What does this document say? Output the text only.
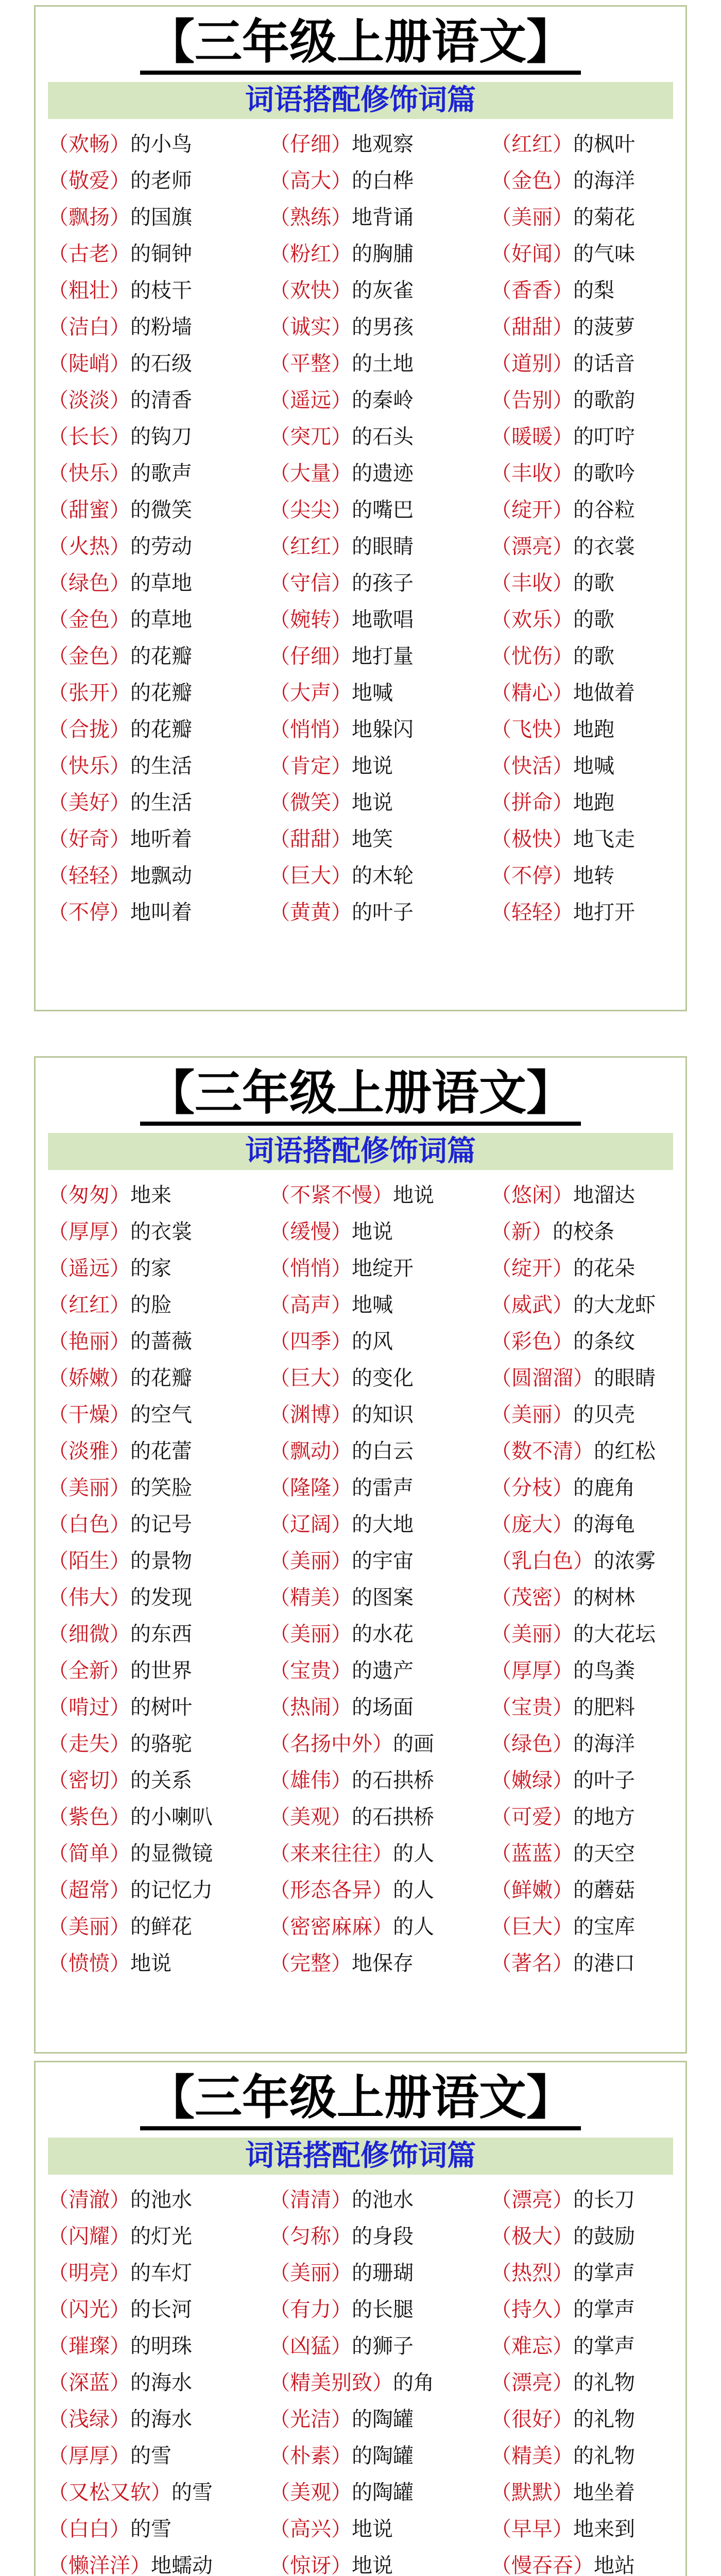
【三年级上册语文】
词语搭配修饰词篇
（欢畅）的小鸟	（仔细）地观察	（红红）的枫叶
（敬爱）的老师	（高大）的白桦	（金色）的海洋
（飘扬）的国旗	（熟练）地背诵	（美丽）的菊花
（古老）的铜钟	（粉红）的胸脯	（好闻）的气味
（粗壮）的枝干	（欢快）的灰雀	（香香）的梨
（洁白）的粉墙	（诚实）的男孩	（甜甜）的菠萝
（陡峭）的石级	（平整）的土地	（道别）的话音
（淡淡）的清香	（遥远）的秦岭	（告别）的歌韵
（长长）的钩刀	（突兀）的石头	（暖暖）的叮咛
（快乐）的歌声	（大量）的遗迹	（丰收）的歌吟
（甜蜜）的微笑	（尖尖）的嘴巴	（绽开）的谷粒
（火热）的劳动	（红红）的眼睛	（漂亮）的衣裳
（绿色）的草地	（守信）的孩子	（丰收）的歌
（金色）的草地	（婉转）地歌唱	（欢乐）的歌
（金色）的花瓣	（仔细）地打量	（忧伤）的歌
（张开）的花瓣	（大声）地喊	（精心）地做着
（合拢）的花瓣	（悄悄）地躲闪	（飞快）地跑
（快乐）的生活	（肯定）地说	（快活）地喊
（美好）的生活	（微笑）地说	（拼命）地跑
（好奇）地听着	（甜甜）地笑	（极快）地飞走
（轻轻）地飘动	（巨大）的木轮	（不停）地转
（不停）地叫着	（黄黄）的叶子	（轻轻）地打开
【三年级上册语文】
词语搭配修饰词篇
（匆匆）地来	（不紧不慢）地说	（悠闲）地溜达
（厚厚）的衣裳	（缓慢）地说	（新）的校条
（遥远）的家	（悄悄）地绽开	（绽开）的花朵
（红红）的脸	（高声）地喊	（威武）的大龙虾
（艳丽）的蔷薇	（四季）的风	（彩色）的条纹
（娇嫩）的花瓣	（巨大）的变化	（圆溜溜）的眼睛
（干燥）的空气	（渊博）的知识	（美丽）的贝壳
（淡雅）的花蕾	（飘动）的白云	（数不清）的红松
（美丽）的笑脸	（隆隆）的雷声	（分枝）的鹿角
（白色）的记号	（辽阔）的大地	（庞大）的海龟
（陌生）的景物	（美丽）的宇宙	（乳白色）的浓雾
（伟大）的发现	（精美）的图案	（茂密）的树林
（细微）的东西	（美丽）的水花	（美丽）的大花坛
（全新）的世界	（宝贵）的遗产	（厚厚）的鸟粪
（啃过）的树叶	（热闹）的场面	（宝贵）的肥料
（走失）的骆驼	（名扬中外）的画	（绿色）的海洋
（密切）的关系	（雄伟）的石拱桥	（嫩绿）的叶子
（紫色）的小喇叭	（美观）的石拱桥	（可爱）的地方
（简单）的显微镜	（来来往往）的人	（蓝蓝）的天空
（超常）的记忆力	（形态各异）的人	（鲜嫩）的蘑菇
（美丽）的鲜花	（密密麻麻）的人	（巨大）的宝库
（愤愤）地说	（完整）地保存	（著名）的港口
【三年级上册语文】
词语搭配修饰词篇
（清澈）的池水	（清清）的池水	（漂亮）的长刀
（闪耀）的灯光	（匀称）的身段	（极大）的鼓励
（明亮）的车灯	（美丽）的珊瑚	（热烈）的掌声
（闪光）的长河	（有力）的长腿	（持久）的掌声
（璀璨）的明珠	（凶猛）的狮子	（难忘）的掌声
（深蓝）的海水	（精美别致）的角	（漂亮）的礼物
（浅绿）的海水	（光洁）的陶罐	（很好）的礼物
（厚厚）的雪	（朴素）的陶罐	（精美）的礼物
（又松又软）的雪	（美观）的陶罐	（默默）地坐着
（白白）的雪	（高兴）地说	（早早）地来到
（懒洋洋）地蠕动	（惊讶）地说	（慢吞吞）地站
